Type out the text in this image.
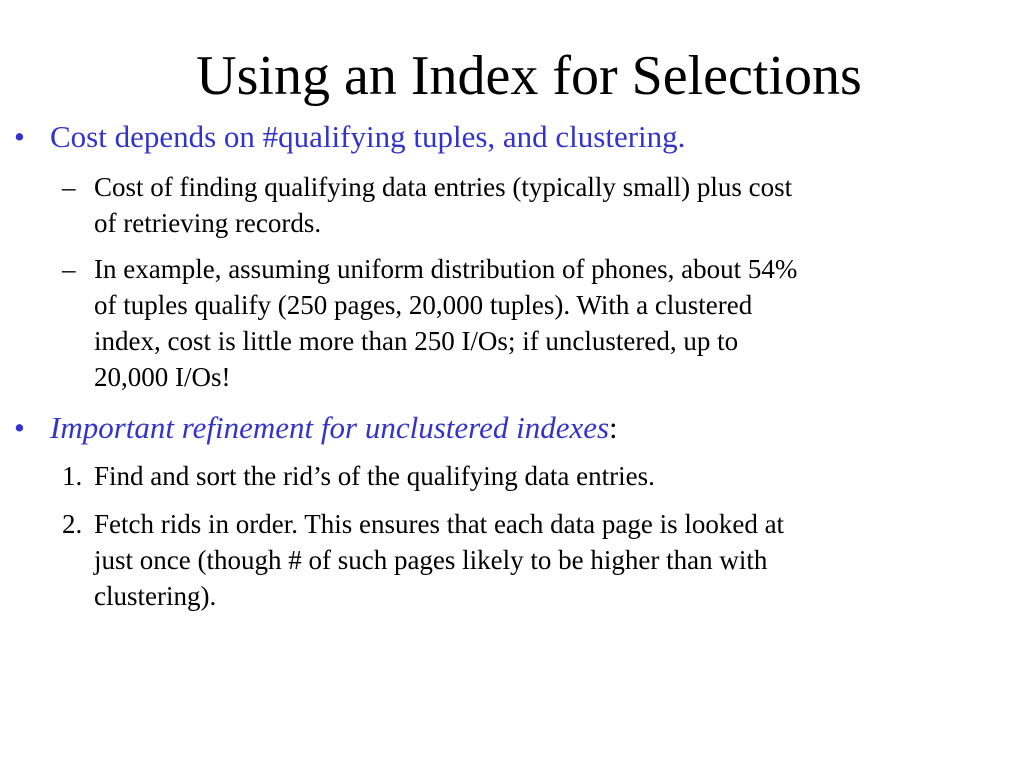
Using an Index for Selections
• Cost depends on #qualifying tuples, and clustering.
– Cost of finding qualifying data entries (typically small) plus cost
of retrieving records.
– In example, assuming uniform distribution of phones, about 54%
of tuples qualify (250 pages, 20,000 tuples). With a clustered
index, cost is little more than 250 I/Os; if unclustered, up to
20,000 I/Os!
• Important refinement for unclustered indexes:
1. Find and sort the rid’s of the qualifying data entries.
2. Fetch rids in order. This ensures that each data page is looked at
just once (though # of such pages likely to be higher than with
clustering).
